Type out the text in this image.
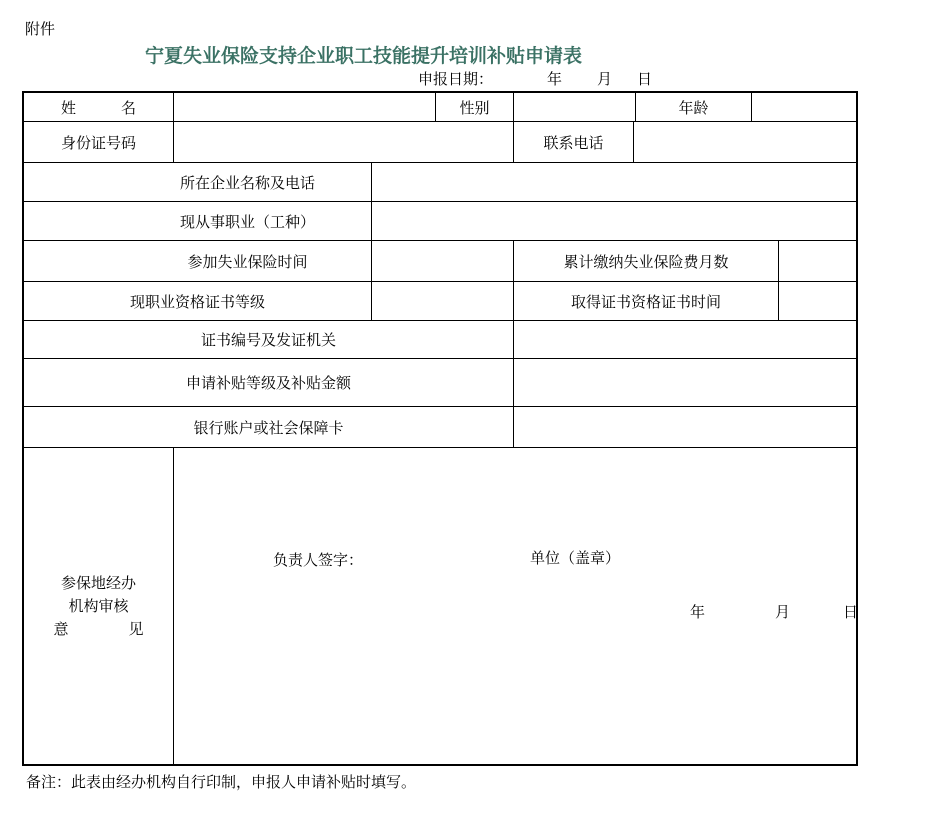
附件
宁夏失业保险支持企业职工技能提升培训补贴申请表
申报日期：	年 月 日
姓　　　名	性别	年龄
身份证号码	联系电话
所在企业名称及电话
现从事职业（工种）
参加失业保险时间	累计缴纳失业保险费月数
现职业资格证书等级	取得证书资格证书时间
证书编号及发证机关
申请补贴等级及补贴金额
银行账户或社会保障卡
参保地经办
机构审核
意　　　　见
负责人签字：	单位（盖章）
年	月	日
备注：此表由经办机构自行印制，申报人申请补贴时填写。
